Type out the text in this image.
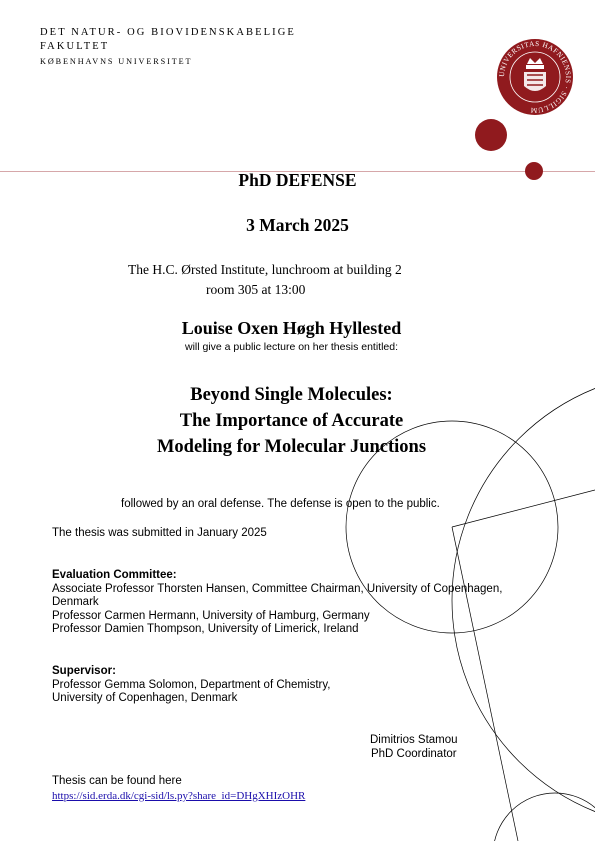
DET NATUR- OG BIOVIDENSKABELIGE
FAKULTET
KØBENHAVNS UNIVERSITET
UNIVERSITAS HAFNIENSIS · SIGILLUM
PhD DEFENSE
3 March 2025
The H.C. Ørsted Institute, lunchroom at building 2
room 305 at 13:00
Louise Oxen Høgh Hyllested
will give a public lecture on her thesis entitled:
Beyond Single Molecules:
The Importance of Accurate
Modeling for Molecular Junctions
followed by an oral defense. The defense is open to the public.
The thesis was submitted in January 2025
Evaluation Committee:
Associate Professor Thorsten Hansen, Committee Chairman, University of Copenhagen,
Denmark
Professor Carmen Hermann, University of Hamburg, Germany
Professor Damien Thompson, University of Limerick, Ireland
Supervisor:
Professor Gemma Solomon, Department of Chemistry,
University of Copenhagen, Denmark
Dimitrios Stamou
PhD Coordinator
Thesis can be found here
https://sid.erda.dk/cgi-sid/ls.py?share_id=DHgXHIzOHR
